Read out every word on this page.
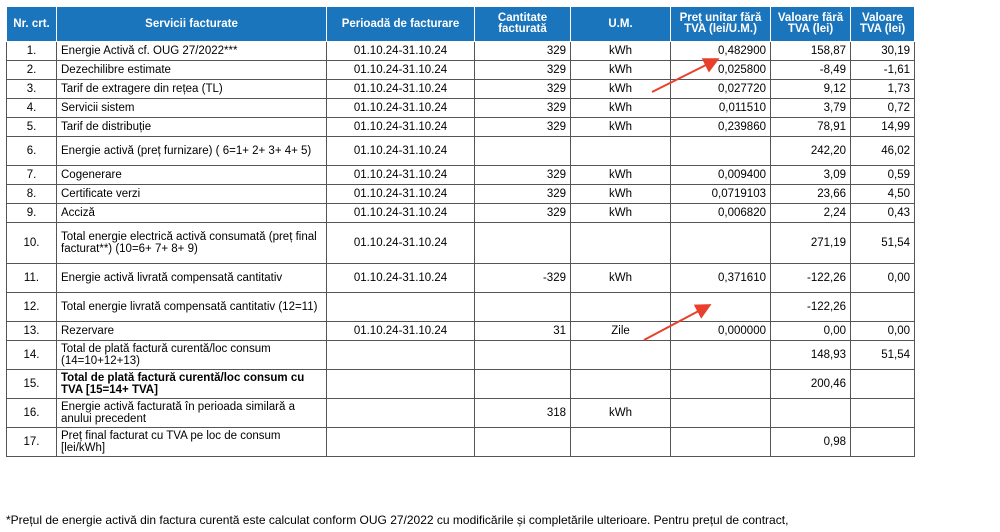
Nr. crt.	Servicii facturate	Perioadă de facturare	Cantitate facturată	U.M.	Preț unitar fără TVA (lei/U.M.)	Valoare fără TVA (lei)	Valoare TVA (lei)
1.	Energie Activă cf. OUG 27/2022***	01.10.24-31.10.24	329	kWh	0,482900	158,87	30,19
2.	Dezechilibre estimate	01.10.24-31.10.24	329	kWh	0,025800	-8,49	-1,61
3.	Tarif de extragere din rețea (TL)	01.10.24-31.10.24	329	kWh	0,027720	9,12	1,73
4.	Servicii sistem	01.10.24-31.10.24	329	kWh	0,011510	3,79	0,72
5.	Tarif de distribuție	01.10.24-31.10.24	329	kWh	0,239860	78,91	14,99
6.	Energie activă (preț furnizare) ( 6=1+ 2+ 3+ 4+ 5)	01.10.24-31.10.24				242,20	46,02
7.	Cogenerare	01.10.24-31.10.24	329	kWh	0,009400	3,09	0,59
8.	Certificate verzi	01.10.24-31.10.24	329	kWh	0,0719103	23,66	4,50
9.	Acciză	01.10.24-31.10.24	329	kWh	0,006820	2,24	0,43
10.	Total energie electrică activă consumată (preț final facturat**) (10=6+ 7+ 8+ 9)	01.10.24-31.10.24				271,19	51,54
11.	Energie activă livrată compensată cantitativ	01.10.24-31.10.24	-329	kWh	0,371610	-122,26	0,00
12.	Total energie livrată compensată cantitativ (12=11)					-122,26	
13.	Rezervare	01.10.24-31.10.24	31	Zile	0,000000	0,00	0,00
14.	Total de plată factură curentă/loc consum (14=10+12+13)					148,93	51,54
15.	Total de plată factură curentă/loc consum cu TVA [15=14+ TVA]					200,46	
16.	Energie activă facturată în perioada similară a anului precedent		318	kWh			
17.	Preț final facturat cu TVA pe loc de consum [lei/kWh]					0,98	
*Prețul de energie activă din factura curentă este calculat conform OUG 27/2022 cu modificările și completările ulterioare. Pentru prețul de contract,
